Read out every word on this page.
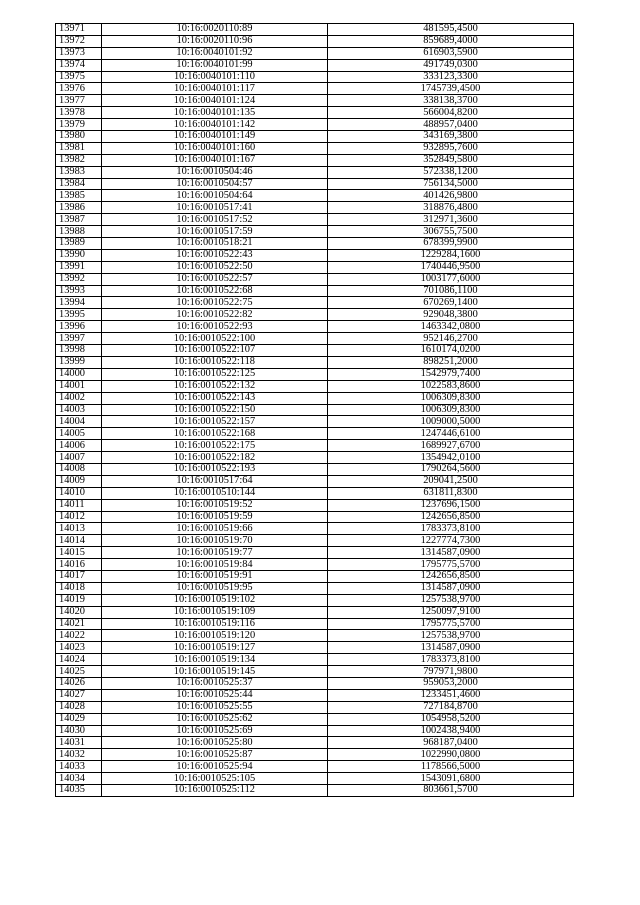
13971	10:16:0020110:89	481595,4500
13972	10:16:0020110:96	859689,4000
13973	10:16:0040101:92	616903,5900
13974	10:16:0040101:99	491749,0300
13975	10:16:0040101:110	333123,3300
13976	10:16:0040101:117	1745739,4500
13977	10:16:0040101:124	338138,3700
13978	10:16:0040101:135	566004,8200
13979	10:16:0040101:142	488957,0400
13980	10:16:0040101:149	343169,3800
13981	10:16:0040101:160	932895,7600
13982	10:16:0040101:167	352849,5800
13983	10:16:0010504:46	572338,1200
13984	10:16:0010504:57	756134,5000
13985	10:16:0010504:64	401426,9800
13986	10:16:0010517:41	318876,4800
13987	10:16:0010517:52	312971,3600
13988	10:16:0010517:59	306755,7500
13989	10:16:0010518:21	678399,9900
13990	10:16:0010522:43	1229284,1600
13991	10:16:0010522:50	1740446,9500
13992	10:16:0010522:57	1003177,6000
13993	10:16:0010522:68	701086,1100
13994	10:16:0010522:75	670269,1400
13995	10:16:0010522:82	929048,3800
13996	10:16:0010522:93	1463342,0800
13997	10:16:0010522:100	952146,2700
13998	10:16:0010522:107	1610174,0200
13999	10:16:0010522:118	898251,2000
14000	10:16:0010522:125	1542979,7400
14001	10:16:0010522:132	1022583,8600
14002	10:16:0010522:143	1006309,8300
14003	10:16:0010522:150	1006309,8300
14004	10:16:0010522:157	1009000,5000
14005	10:16:0010522:168	1247446,6100
14006	10:16:0010522:175	1689927,6700
14007	10:16:0010522:182	1354942,0100
14008	10:16:0010522:193	1790264,5600
14009	10:16:0010517:64	209041,2500
14010	10:16:0010510:144	631811,8300
14011	10:16:0010519:52	1237696,1500
14012	10:16:0010519:59	1242656,8500
14013	10:16:0010519:66	1783373,8100
14014	10:16:0010519:70	1227774,7300
14015	10:16:0010519:77	1314587,0900
14016	10:16:0010519:84	1795775,5700
14017	10:16:0010519:91	1242656,8500
14018	10:16:0010519:95	1314587,0900
14019	10:16:0010519:102	1257538,9700
14020	10:16:0010519:109	1250097,9100
14021	10:16:0010519:116	1795775,5700
14022	10:16:0010519:120	1257538,9700
14023	10:16:0010519:127	1314587,0900
14024	10:16:0010519:134	1783373,8100
14025	10:16:0010519:145	797971,9800
14026	10:16:0010525:37	959053,2000
14027	10:16:0010525:44	1233451,4600
14028	10:16:0010525:55	727184,8700
14029	10:16:0010525:62	1054958,5200
14030	10:16:0010525:69	1002438,9400
14031	10:16:0010525:80	968187,0400
14032	10:16:0010525:87	1022990,0800
14033	10:16:0010525:94	1178566,5000
14034	10:16:0010525:105	1543091,6800
14035	10:16:0010525:112	803661,5700
